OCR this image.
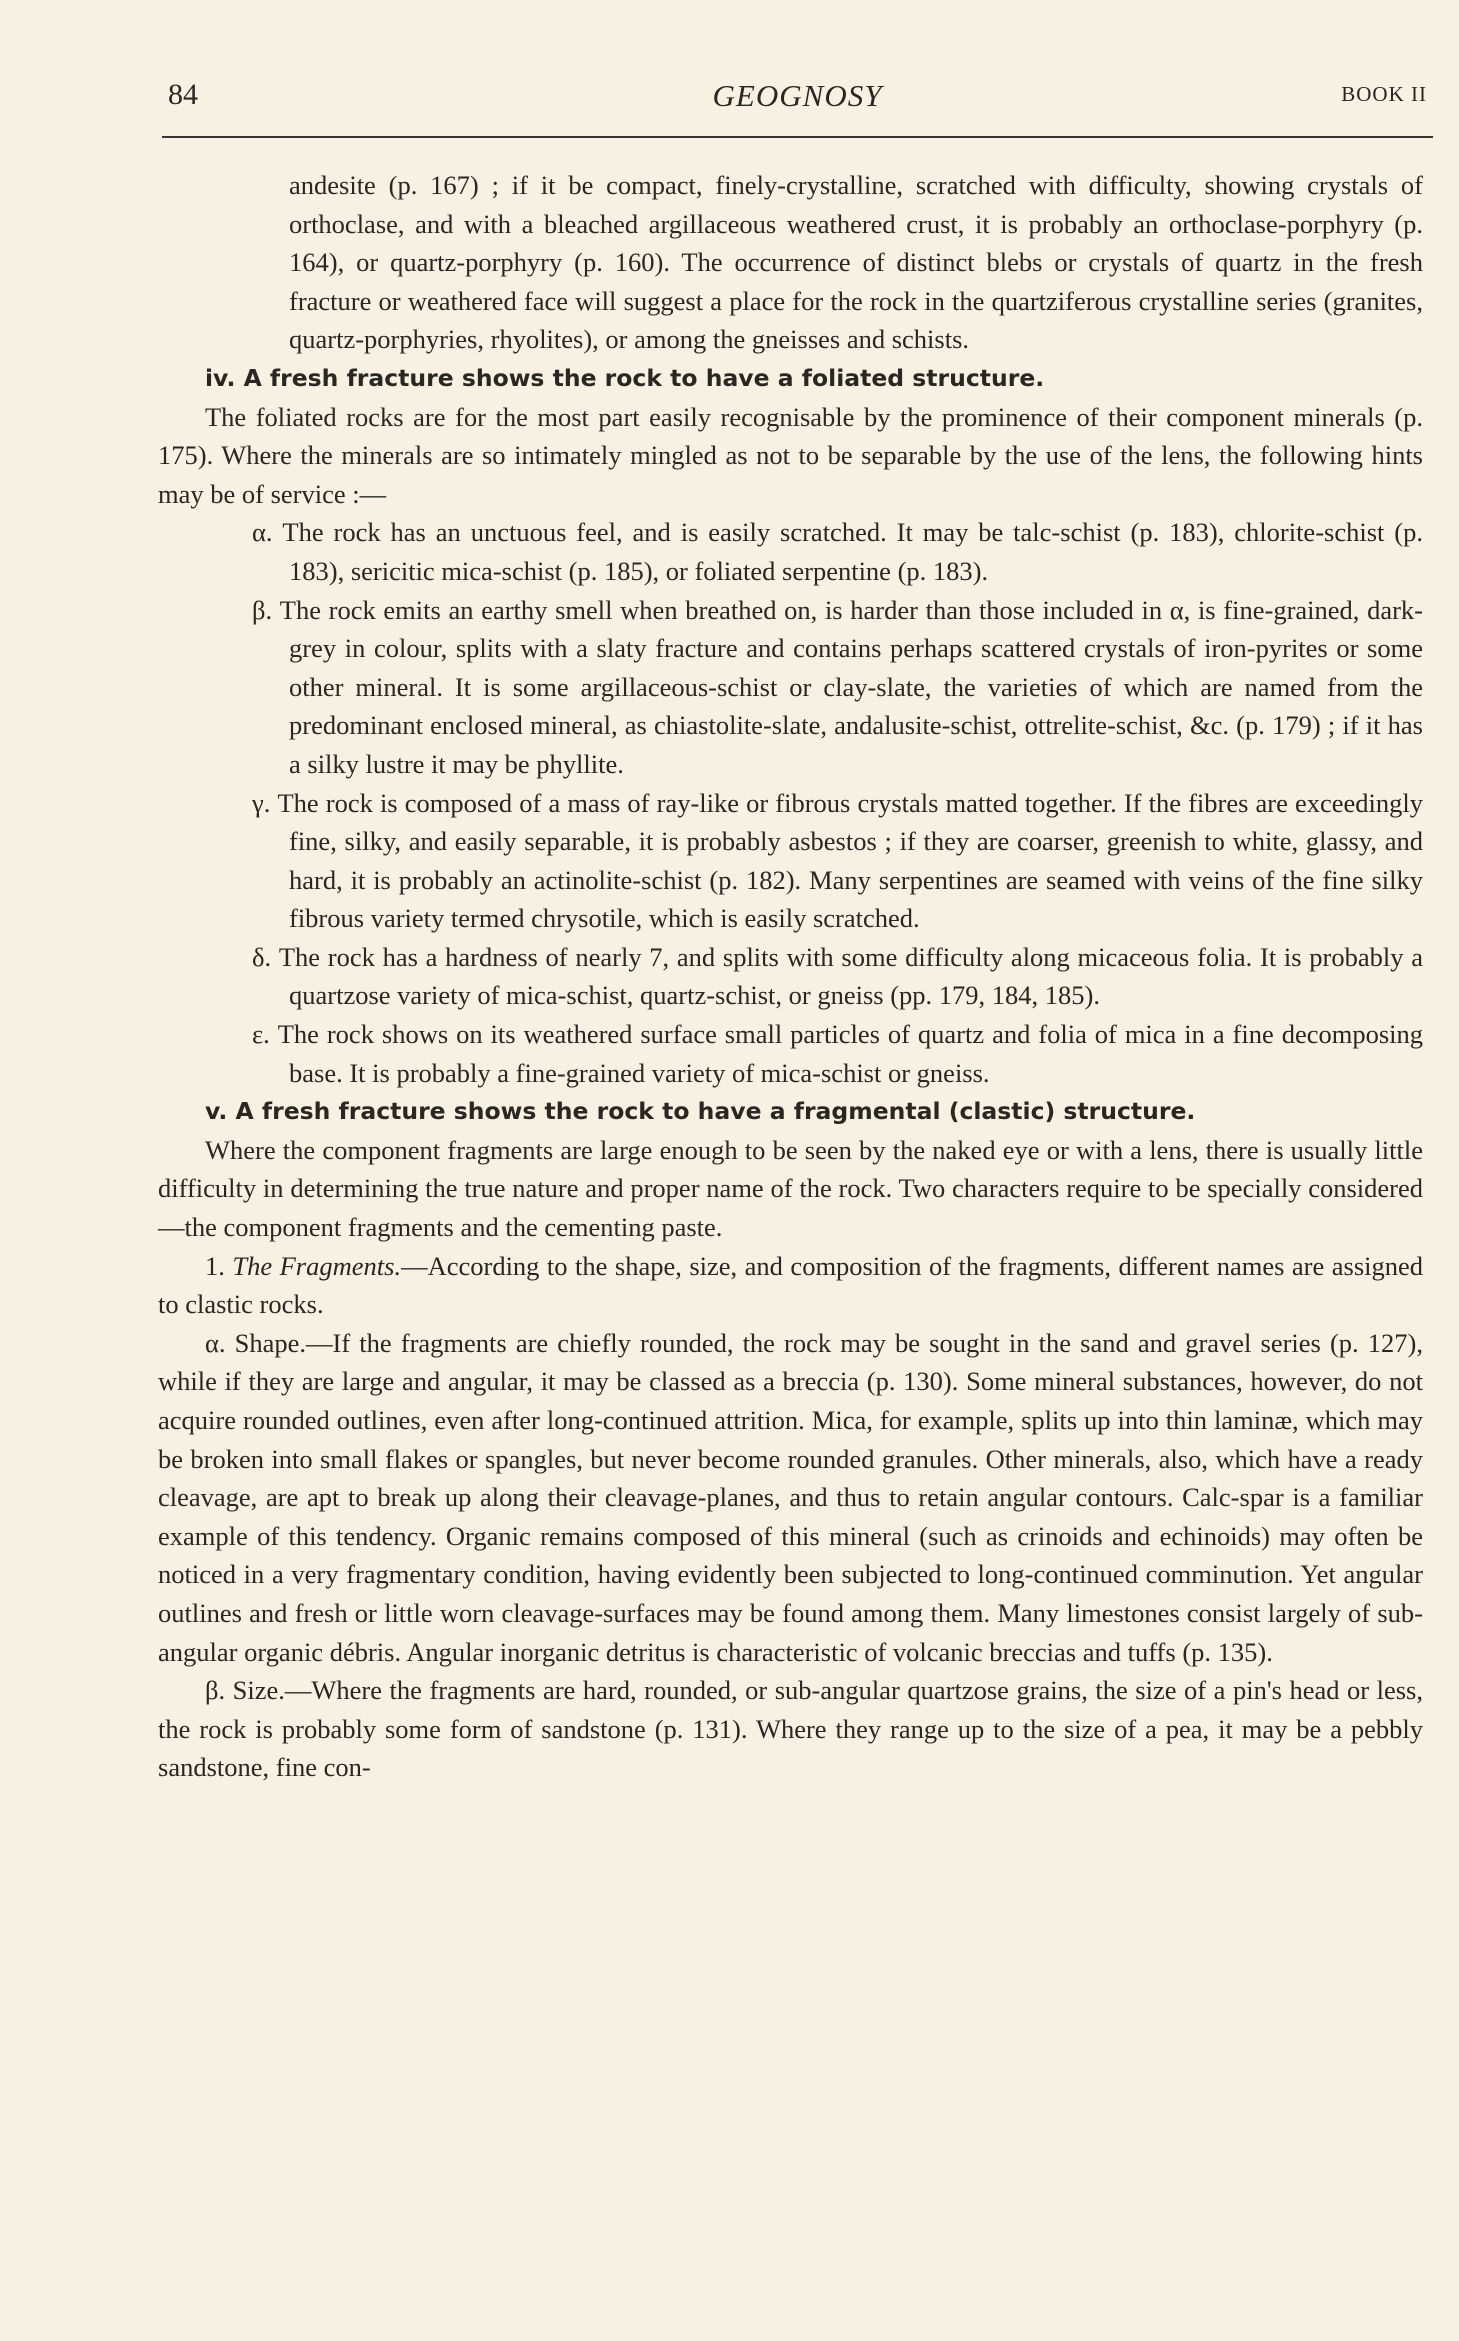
84	GEOGNOSY	BOOK II

andesite (p. 167) ; if it be compact, finely-crystalline, scratched with difficulty, showing crystals of orthoclase, and with a bleached argillaceous weathered crust, it is probably an orthoclase-porphyry (p. 164), or quartz-porphyry (p. 160). The occurrence of distinct blebs or crystals of quartz in the fresh fracture or weathered face will suggest a place for the rock in the quartziferous crystalline series (granites, quartz-porphyries, rhyolites), or among the gneisses and schists.

iv. A fresh fracture shows the rock to have a foliated structure.

The foliated rocks are for the most part easily recognisable by the prominence of their component minerals (p. 175). Where the minerals are so intimately mingled as not to be separable by the use of the lens, the following hints may be of service :—

α. The rock has an unctuous feel, and is easily scratched. It may be talc-schist (p. 183), chlorite-schist (p. 183), sericitic mica-schist (p. 185), or foliated serpentine (p. 183).

β. The rock emits an earthy smell when breathed on, is harder than those included in α, is fine-grained, dark-grey in colour, splits with a slaty fracture and contains perhaps scattered crystals of iron-pyrites or some other mineral. It is some argillaceous-schist or clay-slate, the varieties of which are named from the predominant enclosed mineral, as chiastolite-slate, andalusite-schist, ottrelite-schist, &c. (p. 179) ; if it has a silky lustre it may be phyllite.

γ. The rock is composed of a mass of ray-like or fibrous crystals matted together. If the fibres are exceedingly fine, silky, and easily separable, it is probably asbestos ; if they are coarser, greenish to white, glassy, and hard, it is probably an actinolite-schist (p. 182). Many serpentines are seamed with veins of the fine silky fibrous variety termed chrysotile, which is easily scratched.

δ. The rock has a hardness of nearly 7, and splits with some difficulty along micaceous folia. It is probably a quartzose variety of mica-schist, quartz-schist, or gneiss (pp. 179, 184, 185).

ε. The rock shows on its weathered surface small particles of quartz and folia of mica in a fine decomposing base. It is probably a fine-grained variety of mica-schist or gneiss.

v. A fresh fracture shows the rock to have a fragmental (clastic) structure.

Where the component fragments are large enough to be seen by the naked eye or with a lens, there is usually little difficulty in determining the true nature and proper name of the rock. Two characters require to be specially considered—the component fragments and the cementing paste.

1. The Fragments.—According to the shape, size, and composition of the fragments, different names are assigned to clastic rocks.

α. Shape.—If the fragments are chiefly rounded, the rock may be sought in the sand and gravel series (p. 127), while if they are large and angular, it may be classed as a breccia (p. 130). Some mineral substances, however, do not acquire rounded outlines, even after long-continued attrition. Mica, for example, splits up into thin laminæ, which may be broken into small flakes or spangles, but never become rounded granules. Other minerals, also, which have a ready cleavage, are apt to break up along their cleavage-planes, and thus to retain angular contours. Calc-spar is a familiar example of this tendency. Organic remains composed of this mineral (such as crinoids and echinoids) may often be noticed in a very fragmentary condition, having evidently been subjected to long-continued comminution. Yet angular outlines and fresh or little worn cleavage-surfaces may be found among them. Many limestones consist largely of sub-angular organic débris. Angular inorganic detritus is characteristic of volcanic breccias and tuffs (p. 135).

β. Size.—Where the fragments are hard, rounded, or sub-angular quartzose grains, the size of a pin's head or less, the rock is probably some form of sandstone (p. 131). Where they range up to the size of a pea, it may be a pebbly sandstone, fine con-
